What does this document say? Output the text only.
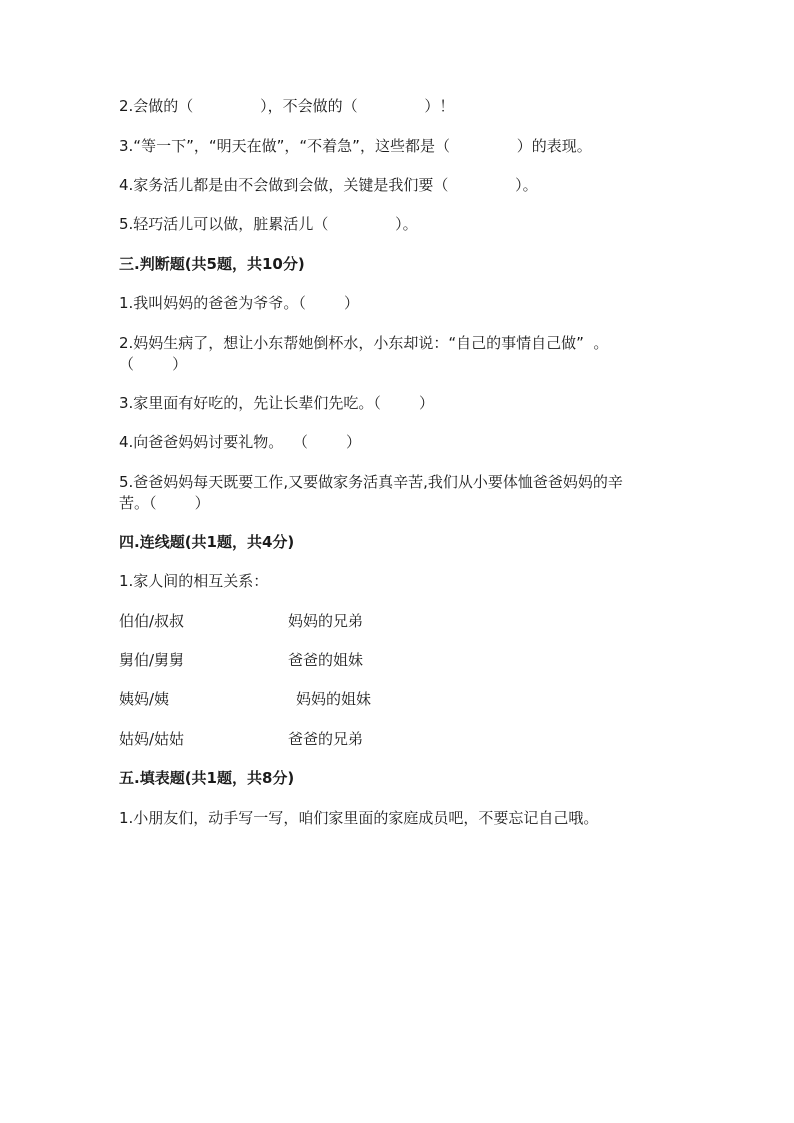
2.会做的（              ），不会做的（              ）！
3.“等一下”，“明天在做”，“不着急”，这些都是（              ）的表现。
4.家务活儿都是由不会做到会做，关键是我们要（              ）。
5.轻巧活儿可以做，脏累活儿（              ）。
三.判断题(共5题，共10分)
1.我叫妈妈的爸爸为爷爷。（        ）
2.妈妈生病了，想让小东帮她倒杯水，小东却说：“自己的事情自己做”  。
（        ）
3.家里面有好吃的，先让长辈们先吃。（        ）
4.向爸爸妈妈讨要礼物。  （        ）
5.爸爸妈妈每天既要工作,又要做家务活真辛苦,我们从小要体恤爸爸妈妈的辛
苦。（        ）
四.连线题(共1题，共4分)
1.家人间的相互关系：
伯伯/叔叔	妈妈的兄弟
舅伯/舅舅	爸爸的姐妹
姨妈/姨	妈妈的姐妹
姑妈/姑姑	爸爸的兄弟
五.填表题(共1题，共8分)
1.小朋友们，动手写一写，咱们家里面的家庭成员吧，不要忘记自己哦。
